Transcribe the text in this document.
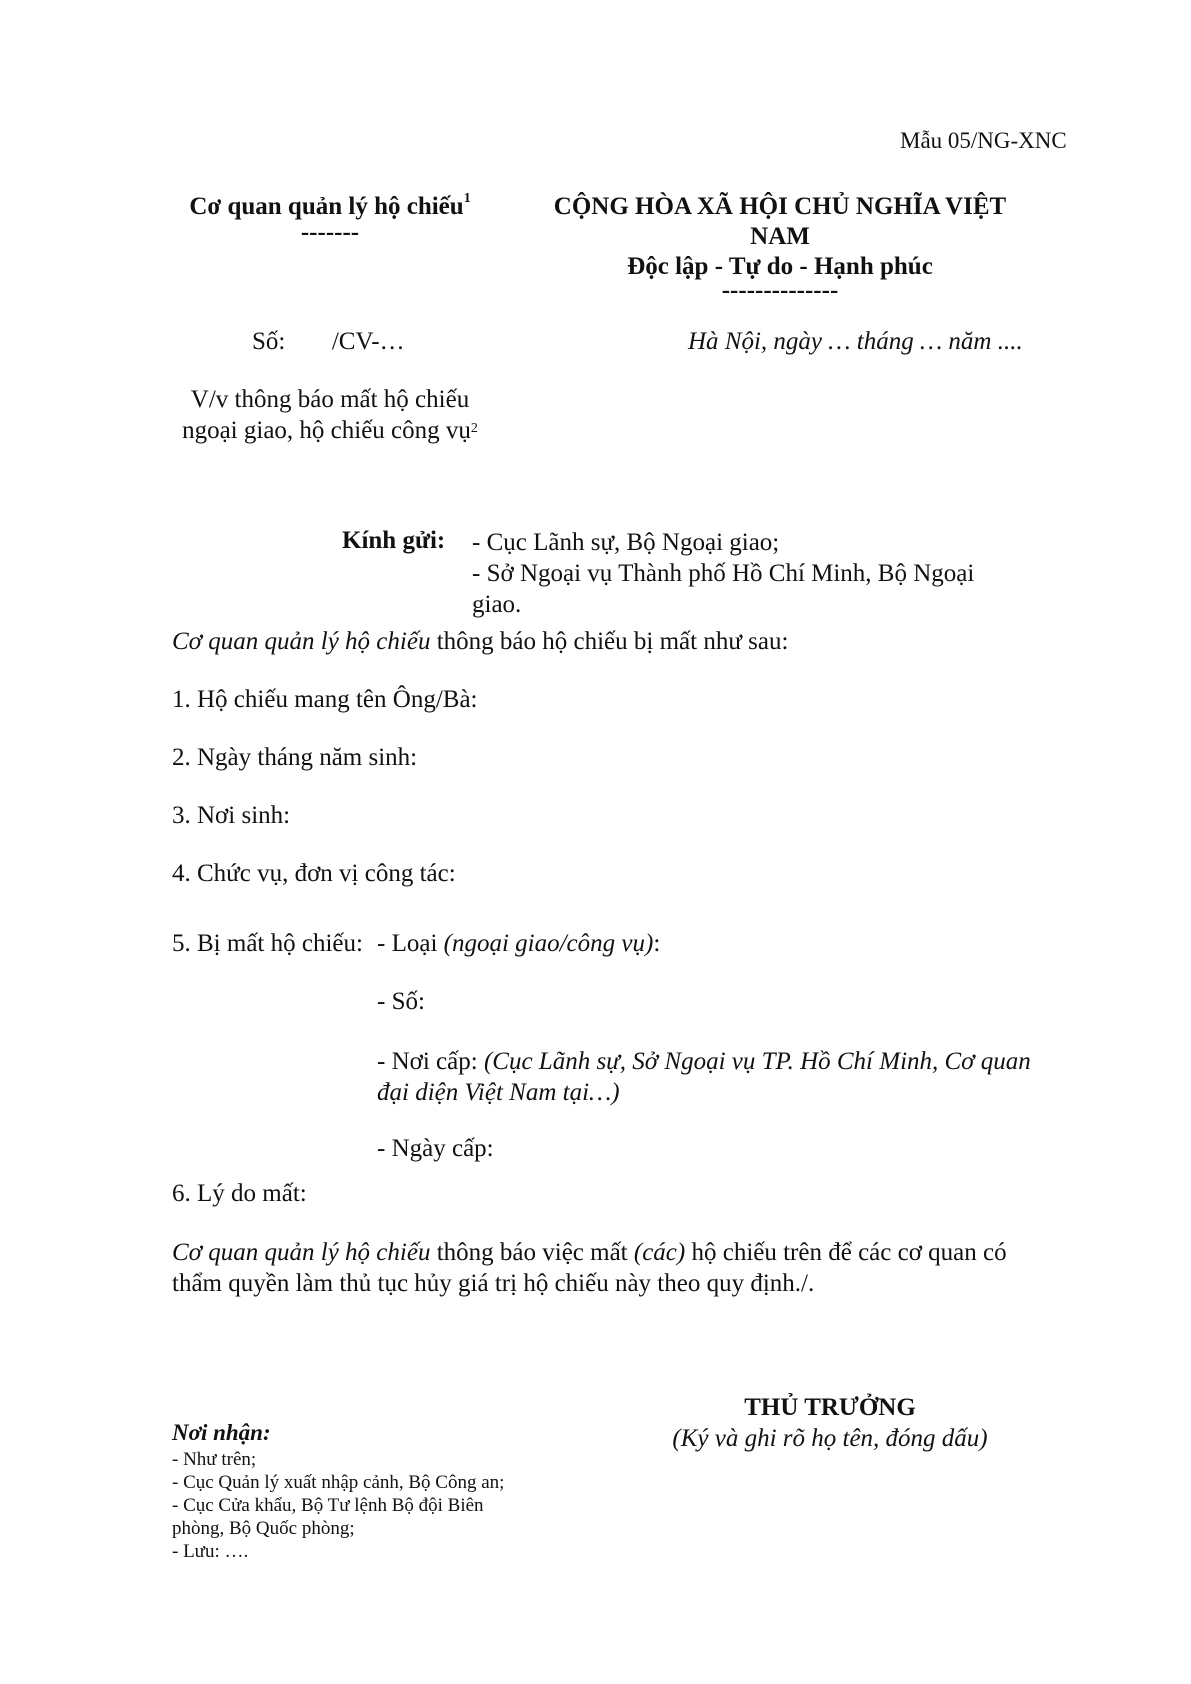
Mẫu 05/NG-XNC
Cơ quan quản lý hộ chiếu$^1$
-------
CỘNG HÒA XÃ HỘI CHỦ NGHĨA VIỆT
NAM
Độc lập - Tự do - Hạnh phúc
--------------
Số: /CV-…	Hà Nội, ngày … tháng … năm ....
V/v thông báo mất hộ chiếu
ngoại giao, hộ chiếu công vụ$^2$
Kính gửi: - Cục Lãnh sự, Bộ Ngoại giao;
- Sở Ngoại vụ Thành phố Hồ Chí Minh, Bộ Ngoại
giao.
Cơ quan quản lý hộ chiếu thông báo hộ chiếu bị mất như sau:
1. Hộ chiếu mang tên Ông/Bà:
2. Ngày tháng năm sinh:
3. Nơi sinh:
4. Chức vụ, đơn vị công tác:
5. Bị mất hộ chiếu: - Loại (ngoại giao/công vụ):
- Số:
- Nơi cấp: (Cục Lãnh sự, Sở Ngoại vụ TP. Hồ Chí Minh, Cơ quan
đại diện Việt Nam tại…)
- Ngày cấp:
6. Lý do mất:
Cơ quan quản lý hộ chiếu thông báo việc mất (các) hộ chiếu trên để các cơ quan có
thẩm quyền làm thủ tục hủy giá trị hộ chiếu này theo quy định./.
THỦ TRƯỞNG
(Ký và ghi rõ họ tên, đóng dấu)
Nơi nhận:
- Như trên;
- Cục Quản lý xuất nhập cảnh, Bộ Công an;
- Cục Cửa khẩu, Bộ Tư lệnh Bộ đội Biên
phòng, Bộ Quốc phòng;
- Lưu: ….
